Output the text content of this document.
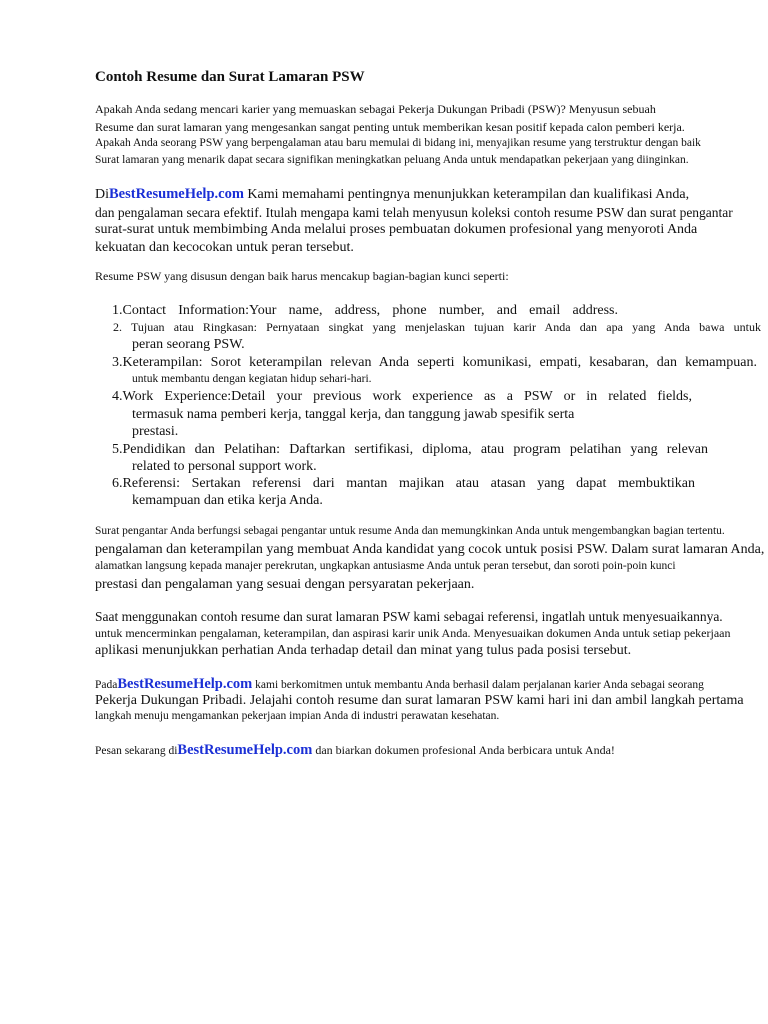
Contoh Resume dan Surat Lamaran PSW
Apakah Anda sedang mencari karier yang memuaskan sebagai Pekerja Dukungan Pribadi (PSW)? Menyusun sebuah
Resume dan surat lamaran yang mengesankan sangat penting untuk memberikan kesan positif kepada calon pemberi kerja.
Apakah Anda seorang PSW yang berpengalaman atau baru memulai di bidang ini, menyajikan resume yang terstruktur dengan baik
Surat lamaran yang menarik dapat secara signifikan meningkatkan peluang Anda untuk mendapatkan pekerjaan yang diinginkan.
DiBestResumeHelp.com Kami memahami pentingnya menunjukkan keterampilan dan kualifikasi Anda,
dan pengalaman secara efektif. Itulah mengapa kami telah menyusun koleksi contoh resume PSW dan surat pengantar
surat-surat untuk membimbing Anda melalui proses pembuatan dokumen profesional yang menyoroti Anda
kekuatan dan kecocokan untuk peran tersebut.
Resume PSW yang disusun dengan baik harus mencakup bagian-bagian kunci seperti:
1.Contact Information:Your name, address, phone number, and email address.
2. Tujuan atau Ringkasan: Pernyataan singkat yang menjelaskan tujuan karir Anda dan apa yang Anda bawa untuk
peran seorang PSW.
3.Keterampilan: Sorot keterampilan relevan Anda seperti komunikasi, empati, kesabaran, dan kemampuan.
untuk membantu dengan kegiatan hidup sehari-hari.
4.Work Experience:Detail your previous work experience as a PSW or in related fields,
termasuk nama pemberi kerja, tanggal kerja, dan tanggung jawab spesifik serta
prestasi.
5.Pendidikan dan Pelatihan: Daftarkan sertifikasi, diploma, atau program pelatihan yang relevan
related to personal support work.
6.Referensi: Sertakan referensi dari mantan majikan atau atasan yang dapat membuktikan
kemampuan dan etika kerja Anda.
Surat pengantar Anda berfungsi sebagai pengantar untuk resume Anda dan memungkinkan Anda untuk mengembangkan bagian tertentu.
pengalaman dan keterampilan yang membuat Anda kandidat yang cocok untuk posisi PSW. Dalam surat lamaran Anda,
alamatkan langsung kepada manajer perekrutan, ungkapkan antusiasme Anda untuk peran tersebut, dan soroti poin-poin kunci
prestasi dan pengalaman yang sesuai dengan persyaratan pekerjaan.
Saat menggunakan contoh resume dan surat lamaran PSW kami sebagai referensi, ingatlah untuk menyesuaikannya.
untuk mencerminkan pengalaman, keterampilan, dan aspirasi karir unik Anda. Menyesuaikan dokumen Anda untuk setiap pekerjaan
aplikasi menunjukkan perhatian Anda terhadap detail dan minat yang tulus pada posisi tersebut.
PadaBestResumeHelp.com kami berkomitmen untuk membantu Anda berhasil dalam perjalanan karier Anda sebagai seorang
Pekerja Dukungan Pribadi. Jelajahi contoh resume dan surat lamaran PSW kami hari ini dan ambil langkah pertama
langkah menuju mengamankan pekerjaan impian Anda di industri perawatan kesehatan.
Pesan sekarang diBestResumeHelp.com dan biarkan dokumen profesional Anda berbicara untuk Anda!
